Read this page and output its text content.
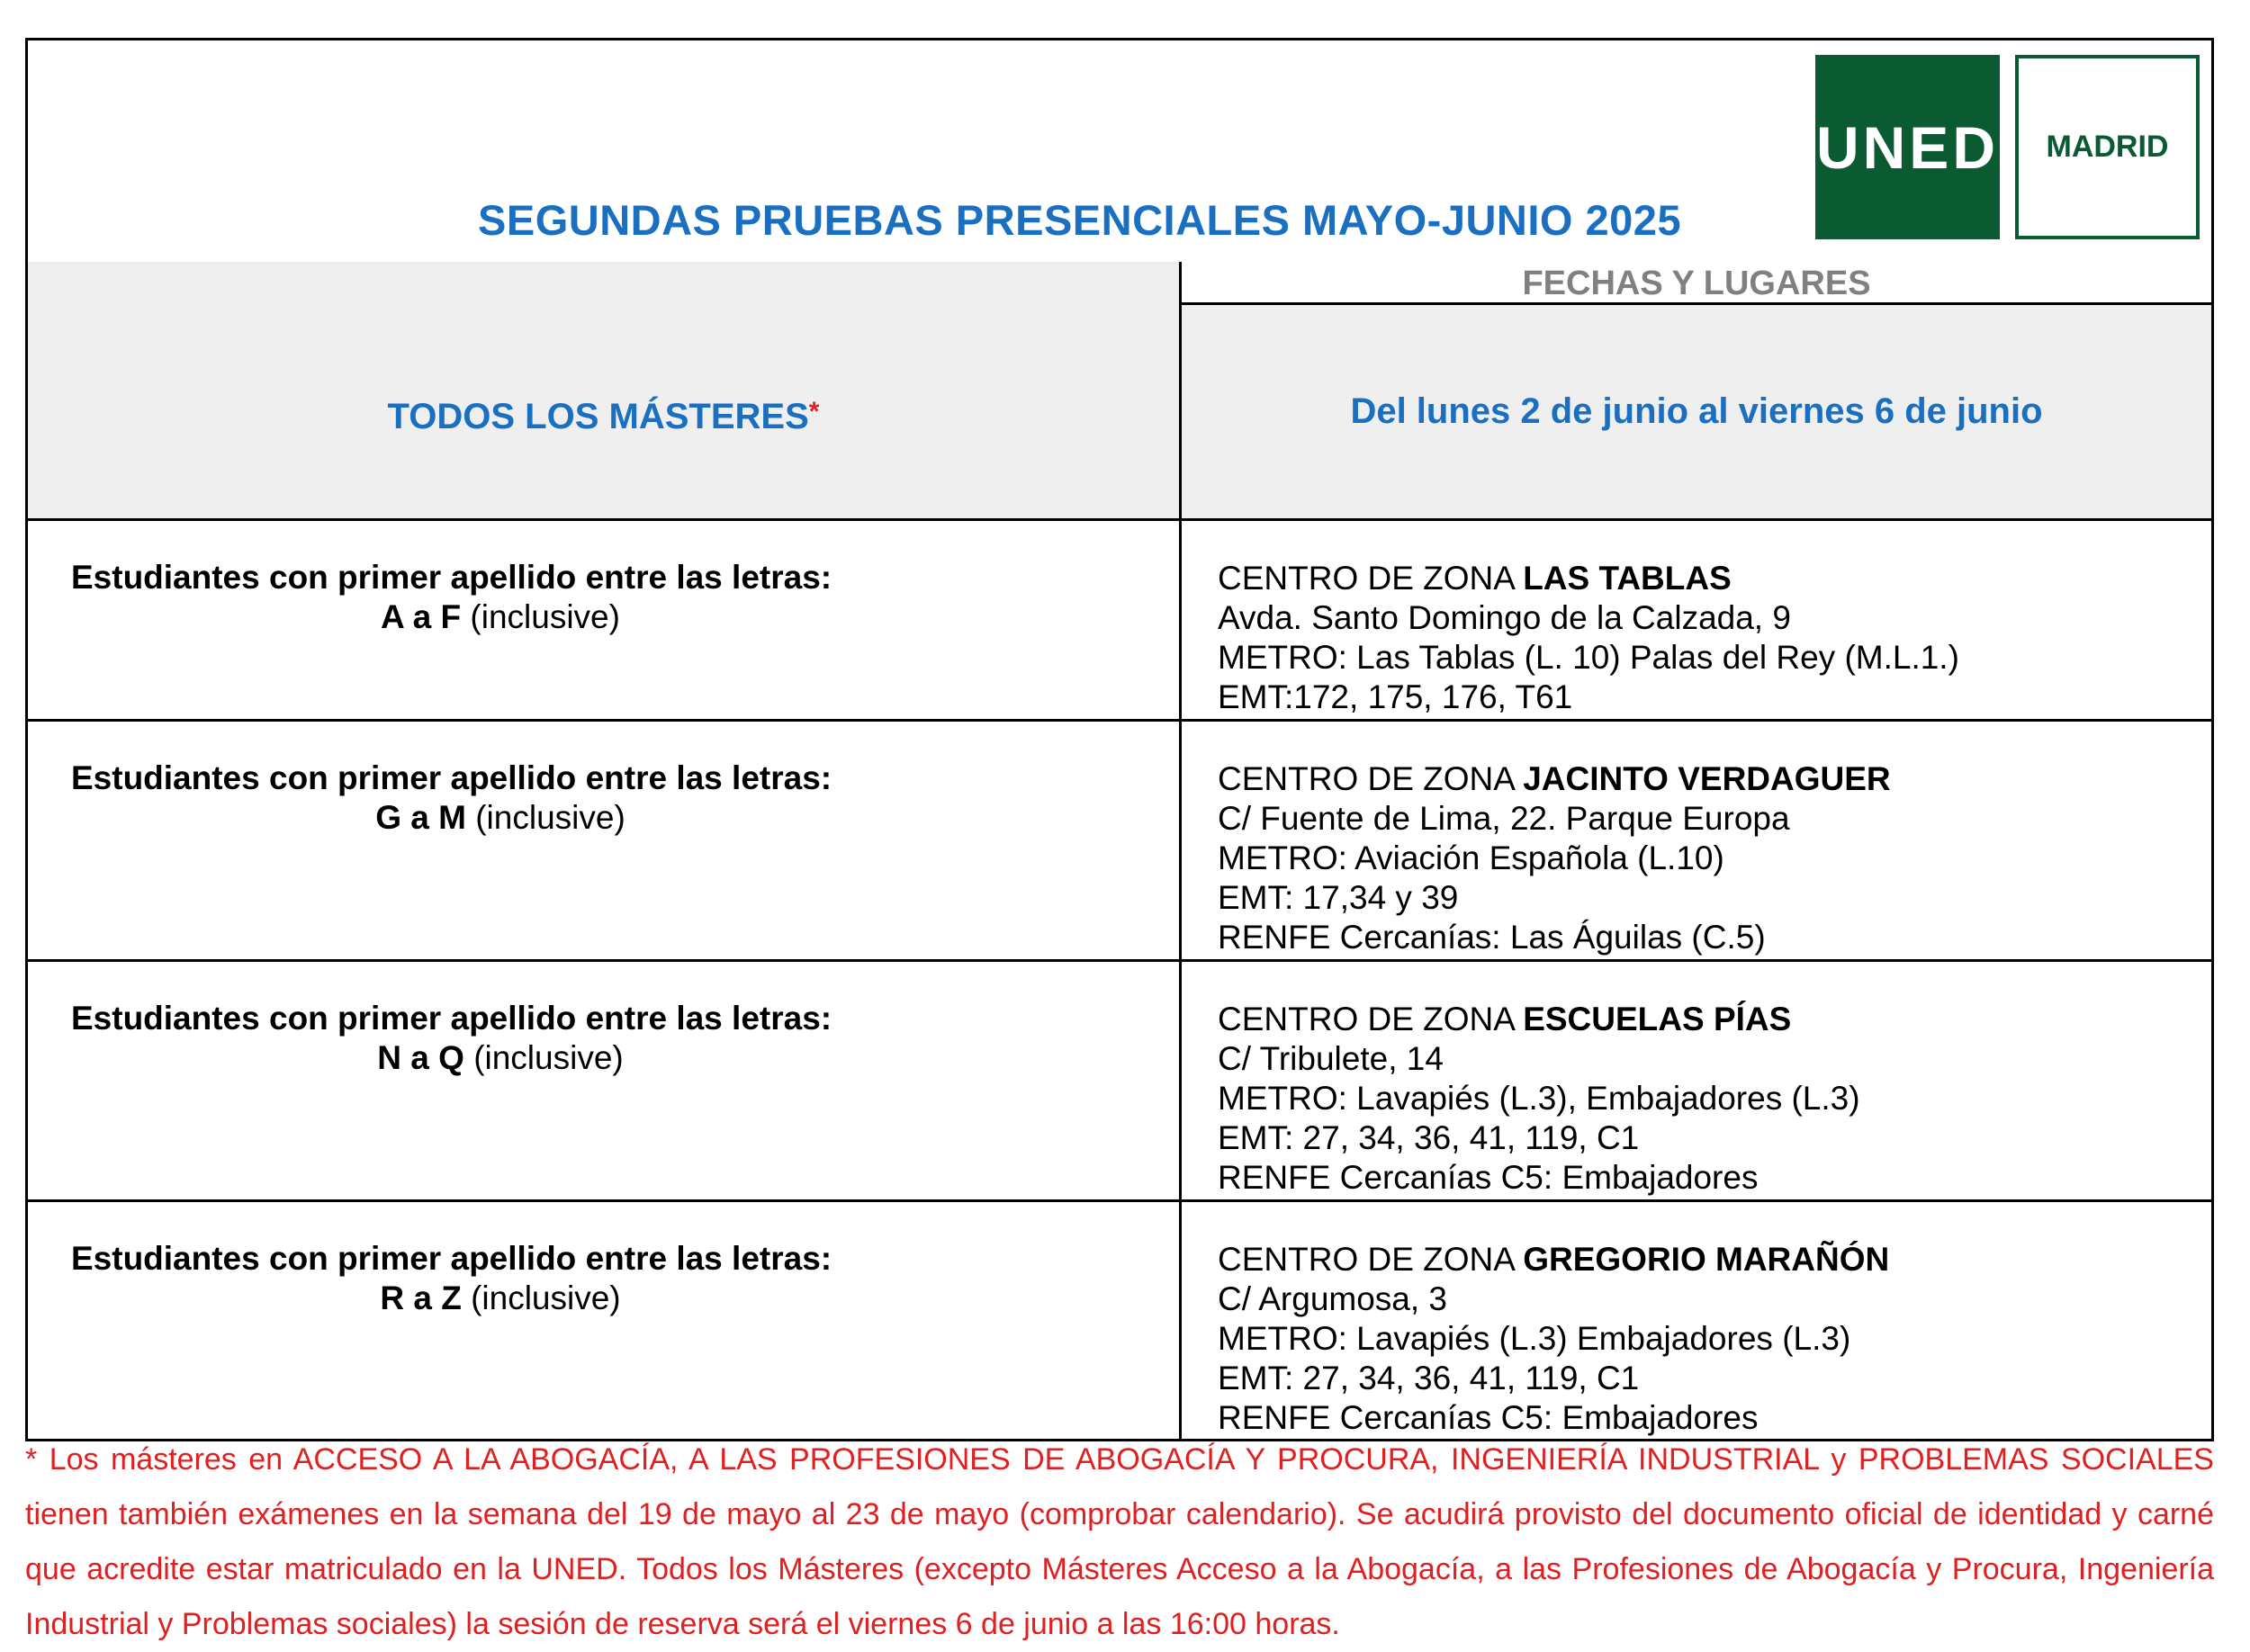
SEGUNDAS PRUEBAS PRESENCIALES MAYO-JUNIO 2025
UNED	MADRID
TODOS LOS MÁSTERES*
FECHAS Y LUGARES
Del lunes 2 de junio al viernes 6 de junio
Estudiantes con primer apellido entre las letras:
A a F (inclusive)
CENTRO DE ZONA LAS TABLAS
Avda. Santo Domingo de la Calzada, 9
METRO: Las Tablas (L. 10) Palas del Rey (M.L.1.)
EMT:172, 175, 176, T61
Estudiantes con primer apellido entre las letras:
G a M (inclusive)
CENTRO DE ZONA JACINTO VERDAGUER
C/ Fuente de Lima, 22. Parque Europa
METRO: Aviación Española (L.10)
EMT: 17,34 y 39
RENFE Cercanías: Las Águilas (C.5)
Estudiantes con primer apellido entre las letras:
N a Q (inclusive)
CENTRO DE ZONA ESCUELAS PÍAS
C/ Tribulete, 14
METRO: Lavapiés (L.3), Embajadores (L.3)
EMT: 27, 34, 36, 41, 119, C1
RENFE Cercanías C5: Embajadores
Estudiantes con primer apellido entre las letras:
R a Z (inclusive)
CENTRO DE ZONA GREGORIO MARAÑÓN
C/ Argumosa, 3
METRO: Lavapiés (L.3) Embajadores (L.3)
EMT: 27, 34, 36, 41, 119, C1
RENFE Cercanías C5: Embajadores
* Los másteres en ACCESO A LA ABOGACÍA, A LAS PROFESIONES DE ABOGACÍA Y PROCURA, INGENIERÍA INDUSTRIAL y PROBLEMAS SOCIALES tienen también exámenes en la semana del 19 de mayo al 23 de mayo (comprobar calendario). Se acudirá provisto del documento oficial de identidad y carné que acredite estar matriculado en la UNED. Todos los Másteres (excepto Másteres Acceso a la Abogacía, a las Profesiones de Abogacía y Procura, Ingeniería Industrial y Problemas sociales) la sesión de reserva será el viernes 6 de junio a las 16:00 horas.
